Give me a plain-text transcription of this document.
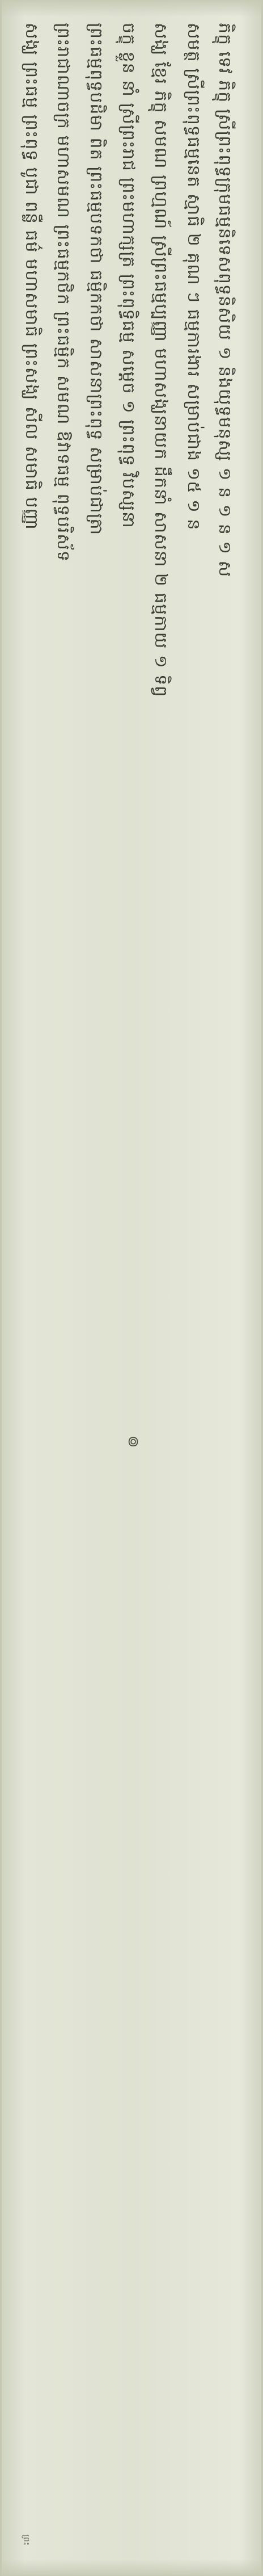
ភិក្ខុ ទេវ ភិក្ខុ ស្រីព្រះពុទ្ធក្រុមធម្មនិទេសពុទ្ធនិសិយ ១ និងយុទ្ធមនុស្ស ១ ន ១ ន ១ ស
សមត្ថ ស្រីព្រះពុទ្ធធម្មនេត ស្មាធិ ២ គុណ ៗ ធម្មការងារ សម្រាប់ជាង ១៥ ១ ន
សង្ឃ ខ្មែរ ភិក្ខុ សមណ ព្រហ្មណ៍ ស្រីព្រះធម្មប្បញ្ញា មហាសង្ឃនាយក ដឹកនាំ សាសនា ២ ធម្មកាយ ១ ទិព្វ
ចក្ខុ ខ្លួន នាំ ស្រីព្រះរាជ ព្រះមហាក្សត្រ ព្រះពុទ្ធិធម្ម សម្ដេច ១ ព្រះពុទ្ធ វិបស្សនា
ព្រះធម្មពុទ្ធបដិមា ពិត ព្រះធម្មបទកថា ធម្មិកកថា សាសនាព្រះពុទ្ធ សម្រាប់ជាត្រា
ព្រះរាជាណាចក្រ មហាសមណ ព្រះធម្មកថិក ព្រះធម្មិក សមណ ឱវាទធម្ម ពុទ្ធបរិស័ទ
សង្ឃ ព្រះធម្ម ព្រះពុទ្ធ បូជា ពន្លឺ ធម៌ មហាសមាធិ ព្រះសង្ឃ សីល សមាធិ បញ្ញា
៙
ព្រះ
